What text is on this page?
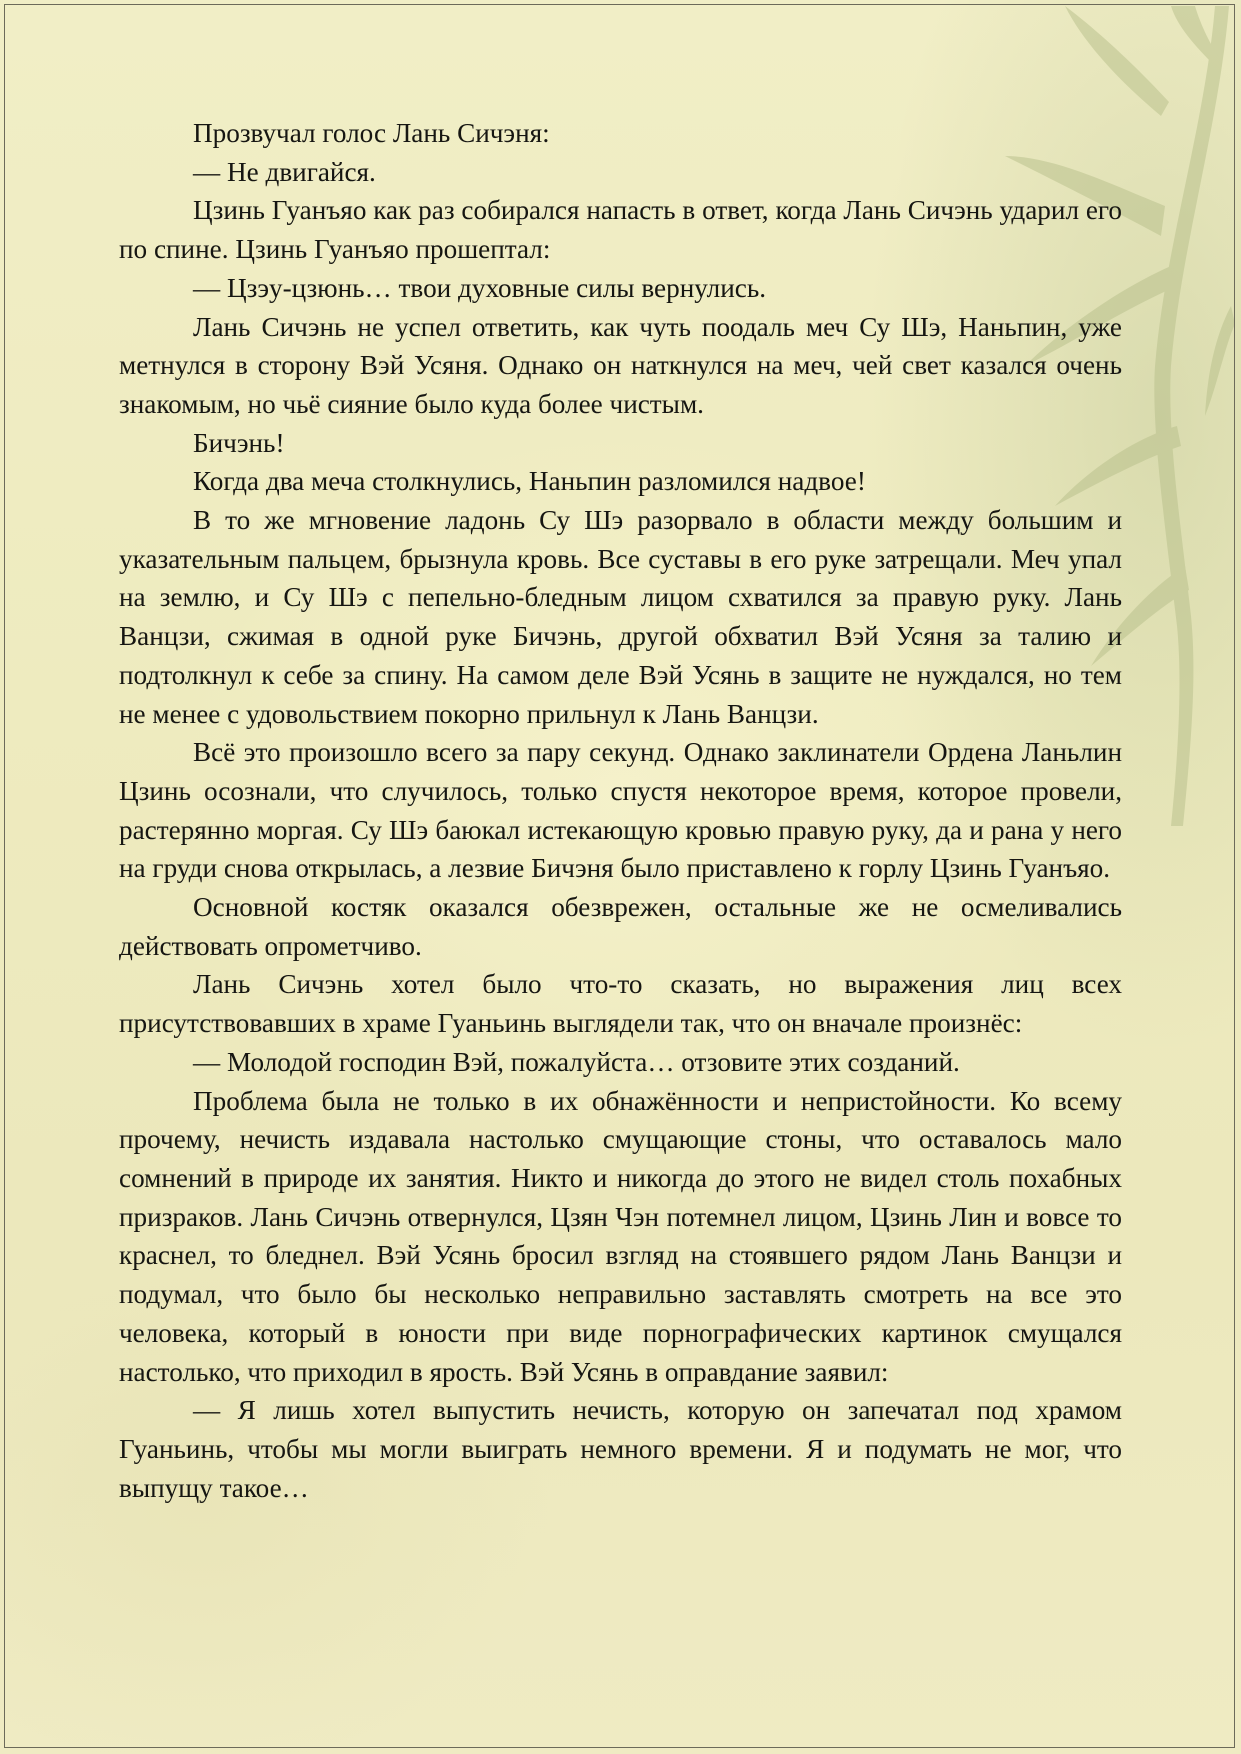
Прозвучал голос Лань Сичэня:

— Не двигайся.

Цзинь Гуанъяо как раз собирался напасть в ответ, когда Лань Сичэнь ударил его по спине. Цзинь Гуанъяо прошептал:

— Цзэу-цзюнь… твои духовные силы вернулись.

Лань Сичэнь не успел ответить, как чуть поодаль меч Су Шэ, Наньпин, уже метнулся в сторону Вэй Усяня. Однако он наткнулся на меч, чей свет казался очень знакомым, но чьё сияние было куда более чистым.

Бичэнь!

Когда два меча столкнулись, Наньпин разломился надвое!

В то же мгновение ладонь Су Шэ разорвало в области между большим и указательным пальцем, брызнула кровь. Все суставы в его руке затрещали. Меч упал на землю, и Су Шэ с пепельно-бледным лицом схватился за правую руку. Лань Ванцзи, сжимая в одной руке Бичэнь, другой обхватил Вэй Усяня за талию и подтолкнул к себе за спину. На самом деле Вэй Усянь в защите не нуждался, но тем не менее с удовольствием покорно прильнул к Лань Ванцзи.

Всё это произошло всего за пару секунд. Однако заклинатели Ордена Ланьлин Цзинь осознали, что случилось, только спустя некоторое время, которое провели, растерянно моргая. Су Шэ баюкал истекающую кровью правую руку, да и рана у него на груди снова открылась, а лезвие Бичэня было приставлено к горлу Цзинь Гуанъяо.

Основной костяк оказался обезврежен, остальные же не осмеливались действовать опрометчиво.

Лань Сичэнь хотел было что-то сказать, но выражения лиц всех присутствовавших в храме Гуаньинь выглядели так, что он вначале произнёс:

— Молодой господин Вэй, пожалуйста… отзовите этих созданий.

Проблема была не только в их обнажённости и непристойности. Ко всему прочему, нечисть издавала настолько смущающие стоны, что оставалось мало сомнений в природе их занятия. Никто и никогда до этого не видел столь похабных призраков. Лань Сичэнь отвернулся, Цзян Чэн потемнел лицом, Цзинь Лин и вовсе то краснел, то бледнел. Вэй Усянь бросил взгляд на стоявшего рядом Лань Ванцзи и подумал, что было бы несколько неправильно заставлять смотреть на все это человека, который в юности при виде порнографических картинок смущался настолько, что приходил в ярость. Вэй Усянь в оправдание заявил:

— Я лишь хотел выпустить нечисть, которую он запечатал под храмом Гуаньинь, чтобы мы могли выиграть немного времени. Я и подумать не мог, что выпущу такое…
